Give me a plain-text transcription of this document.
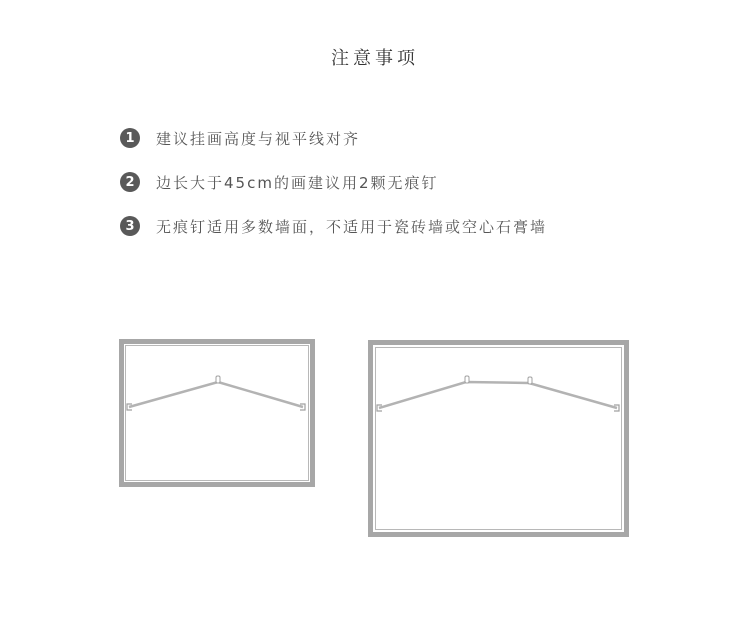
注意事项
1	建议挂画高度与视平线对齐
2	边长大于45cm的画建议用2颗无痕钉
3	无痕钉适用多数墙面，不适用于瓷砖墙或空心石膏墙
